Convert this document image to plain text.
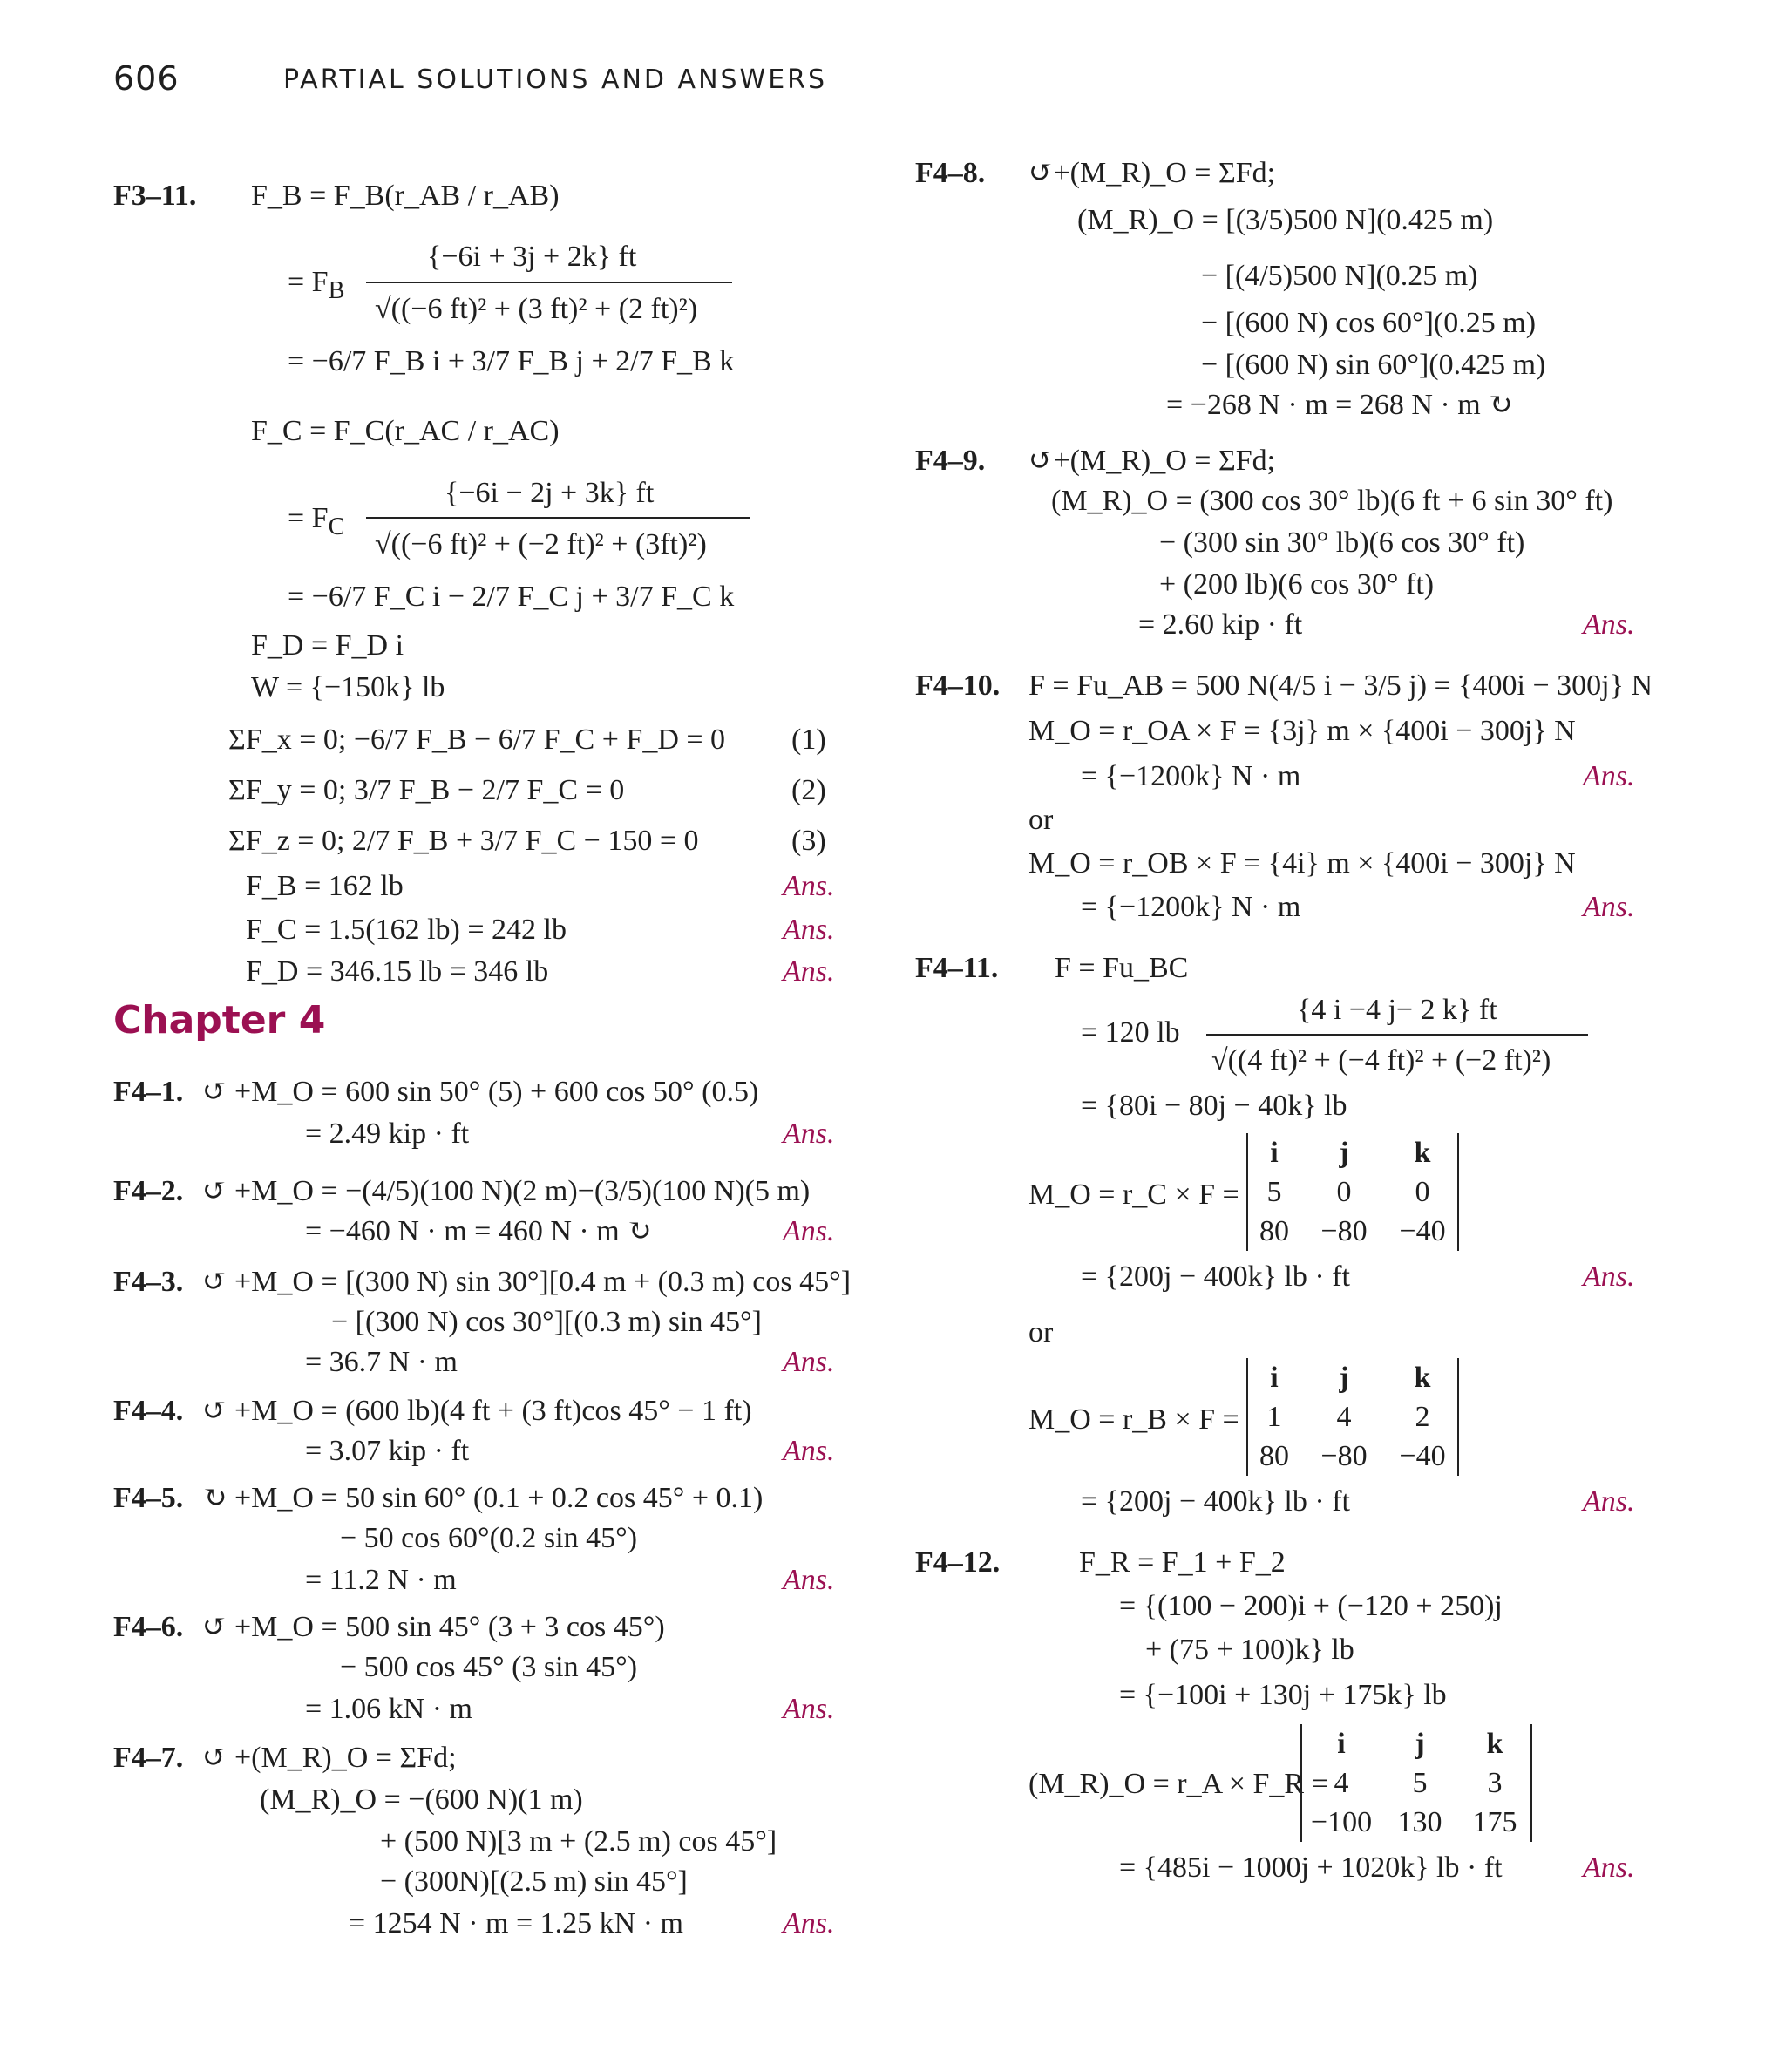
606	PARTIAL SOLUTIONS AND ANSWERS
F3–11. F_B = F_B(r_AB / r_AB)
{−6i + 3j + 2k} ft
√((−6 ft)² + (3 ft)² + (2 ft)²)
= $F_B$
= −6/7 F_B i + 3/7 F_B j + 2/7 F_B k
F_C = F_C(r_AC / r_AC)
{−6i − 2j + 3k} ft
√((−6 ft)² + (−2 ft)² + (3ft)²)
= $F_C$
= −6/7 F_C i − 2/7 F_C j + 3/7 F_C k
F_D = F_D i
W = {−150k} lb
ΣF_x = 0; −6/7 F_B − 6/7 F_C + F_D = 0 (1)
ΣF_y = 0; 3/7 F_B − 2/7 F_C = 0	(2)
ΣF_z = 0; 2/7 F_B + 3/7 F_C − 150 = 0	(3)
F_B = 162 lb	Ans.
F_C = 1.5(162 lb) = 242 lb	Ans.
F_D = 346.15 lb = 346 lb	Ans.
Chapter 4
F4–1. ↺ +M_O = 600 sin 50° (5) + 600 cos 50° (0.5)
= 2.49 kip · ft	Ans.
F4–2. ↺ +M_O = −(4/5)(100 N)(2 m)−(3/5)(100 N)(5 m)
= −460 N · m = 460 N · m ↻	Ans.
F4–3. ↺ +M_O = [(300 N) sin 30°][0.4 m + (0.3 m) cos 45°]
− [(300 N) cos 30°][(0.3 m) sin 45°]
= 36.7 N · m	Ans.
F4–4. ↺ +M_O = (600 lb)(4 ft + (3 ft)cos 45° − 1 ft)
= 3.07 kip · ft	Ans.
F4–5. ↻ +M_O = 50 sin 60° (0.1 + 0.2 cos 45° + 0.1)
− 50 cos 60°(0.2 sin 45°)
= 11.2 N · m	Ans.
F4–6. ↺ +M_O = 500 sin 45° (3 + 3 cos 45°)
− 500 cos 45° (3 sin 45°)
= 1.06 kN · m	Ans.
F4–7. ↺ +(M_R)_O = ΣFd;
(M_R)_O = −(600 N)(1 m)
+ (500 N)[3 m + (2.5 m) cos 45°]
− (300N)[(2.5 m) sin 45°]
= 1254 N · m = 1.25 kN · m	Ans.
F4–8. ↺+(M_R)_O = ΣFd;
(M_R)_O = [(3/5)500 N](0.425 m)
− [(4/5)500 N](0.25 m)
− [(600 N) cos 60°](0.25 m)
− [(600 N) sin 60°](0.425 m)
= −268 N · m = 268 N · m ↻
F4–9. ↺+(M_R)_O = ΣFd;
(M_R)_O = (300 cos 30° lb)(6 ft + 6 sin 30° ft)
− (300 sin 30° lb)(6 cos 30° ft)
+ (200 lb)(6 cos 30° ft)
= 2.60 kip · ft	Ans.
F4–10. F = Fu_AB = 500 N(4/5 i − 3/5 j) = {400i − 300j} N
M_O = r_OA × F = {3j} m × {400i − 300j} N
= {−1200k} N · m	Ans.
or
M_O = r_OB × F = {4i} m × {400i − 300j} N
= {−1200k} N · m	Ans.
F4–11. F = Fu_BC
{4 i −4 j− 2 k} ft
= 120 lb
√((4 ft)² + (−4 ft)² + (−2 ft)²)
= {80i − 80j − 40k} lb
M_O = r_C × F =
i	j	k
5	0	0
80	−80	−40
= {200j − 400k} lb · ft	Ans.
or
M_O = r_B × F =
i	j	k
1	4	2
80	−80	−40
= {200j − 400k} lb · ft	Ans.
F4–12.	F_R = F_1 + F_2
= {(100 − 200)i + (−120 + 250)j
+ (75 + 100)k} lb
= {−100i + 130j + 175k} lb
(M_R)_O = r_A × F_R =
i	j	k
4	5	3
−100 130	175
= {485i − 1000j + 1020k} lb · ft	Ans.
